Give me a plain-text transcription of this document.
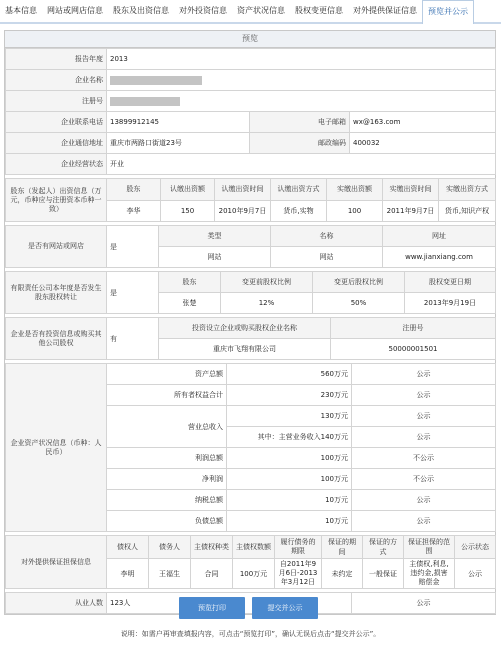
基本信息	网站或网店信息	股东及出资信息	对外投资信息	资产状况信息	股权变更信息	对外提供保证信息	预览并公示
预览
报告年度	2013		
企业名称			
注册号			
企业联系电话	13899912145	电子邮箱	wx@163.com
企业通信地址	重庆市两路口街道23号	邮政编码	400032
企业经营状态	开业		
股东（发起人）出资信息（万元，币种应与注册资本币种一致）	股东	认缴出资额	认缴出资时间	认缴出资方式	实缴出资额	实缴出资时间	实缴出资方式
	李华	150	2010年9月7日	货币,实物	100	2011年9月7日	货币,知识产权
是否有网站或网店	是	类型	名称	网址
		网站	网站	www.jianxiang.com
有限责任公司本年度是否发生股东股权转让	是	股东	变更前股权比例	变更后股权比例	股权变更日期
		张楚	12%	50%	2013年9月19日
企业是否有投资信息或购买其他公司股权	有	投资设立企业或购买股权企业名称	注册号
		重庆市飞翔有限公司	50000001501
企业资产状况信息（币种：人民币）	资产总额	560万元	公示
	所有者权益合计	230万元	公示
	营业总收入	130万元	公示
		其中：主营业务收入140万元	公示
	利润总额	100万元	不公示
	净利润	100万元	不公示
	纳税总额	10万元	公示
	负债总额	10万元	公示
对外提供保证担保信息	债权人	债务人	主债权种类	主债权数额	履行债务的期限	保证的期间	保证的方式	保证担保的范围	公示状态
	李明	王福生	合同	100万元	自2011年9月6日-2013年3月12日	未约定	一般保证	主债权,利息,违约金,损害赔偿金	公示
从业人数	123人	公示
预览打印	提交并公示
说明：如需户再审查填报内容，可点击“预览打印”，确认无误后点击“提交并公示”。
